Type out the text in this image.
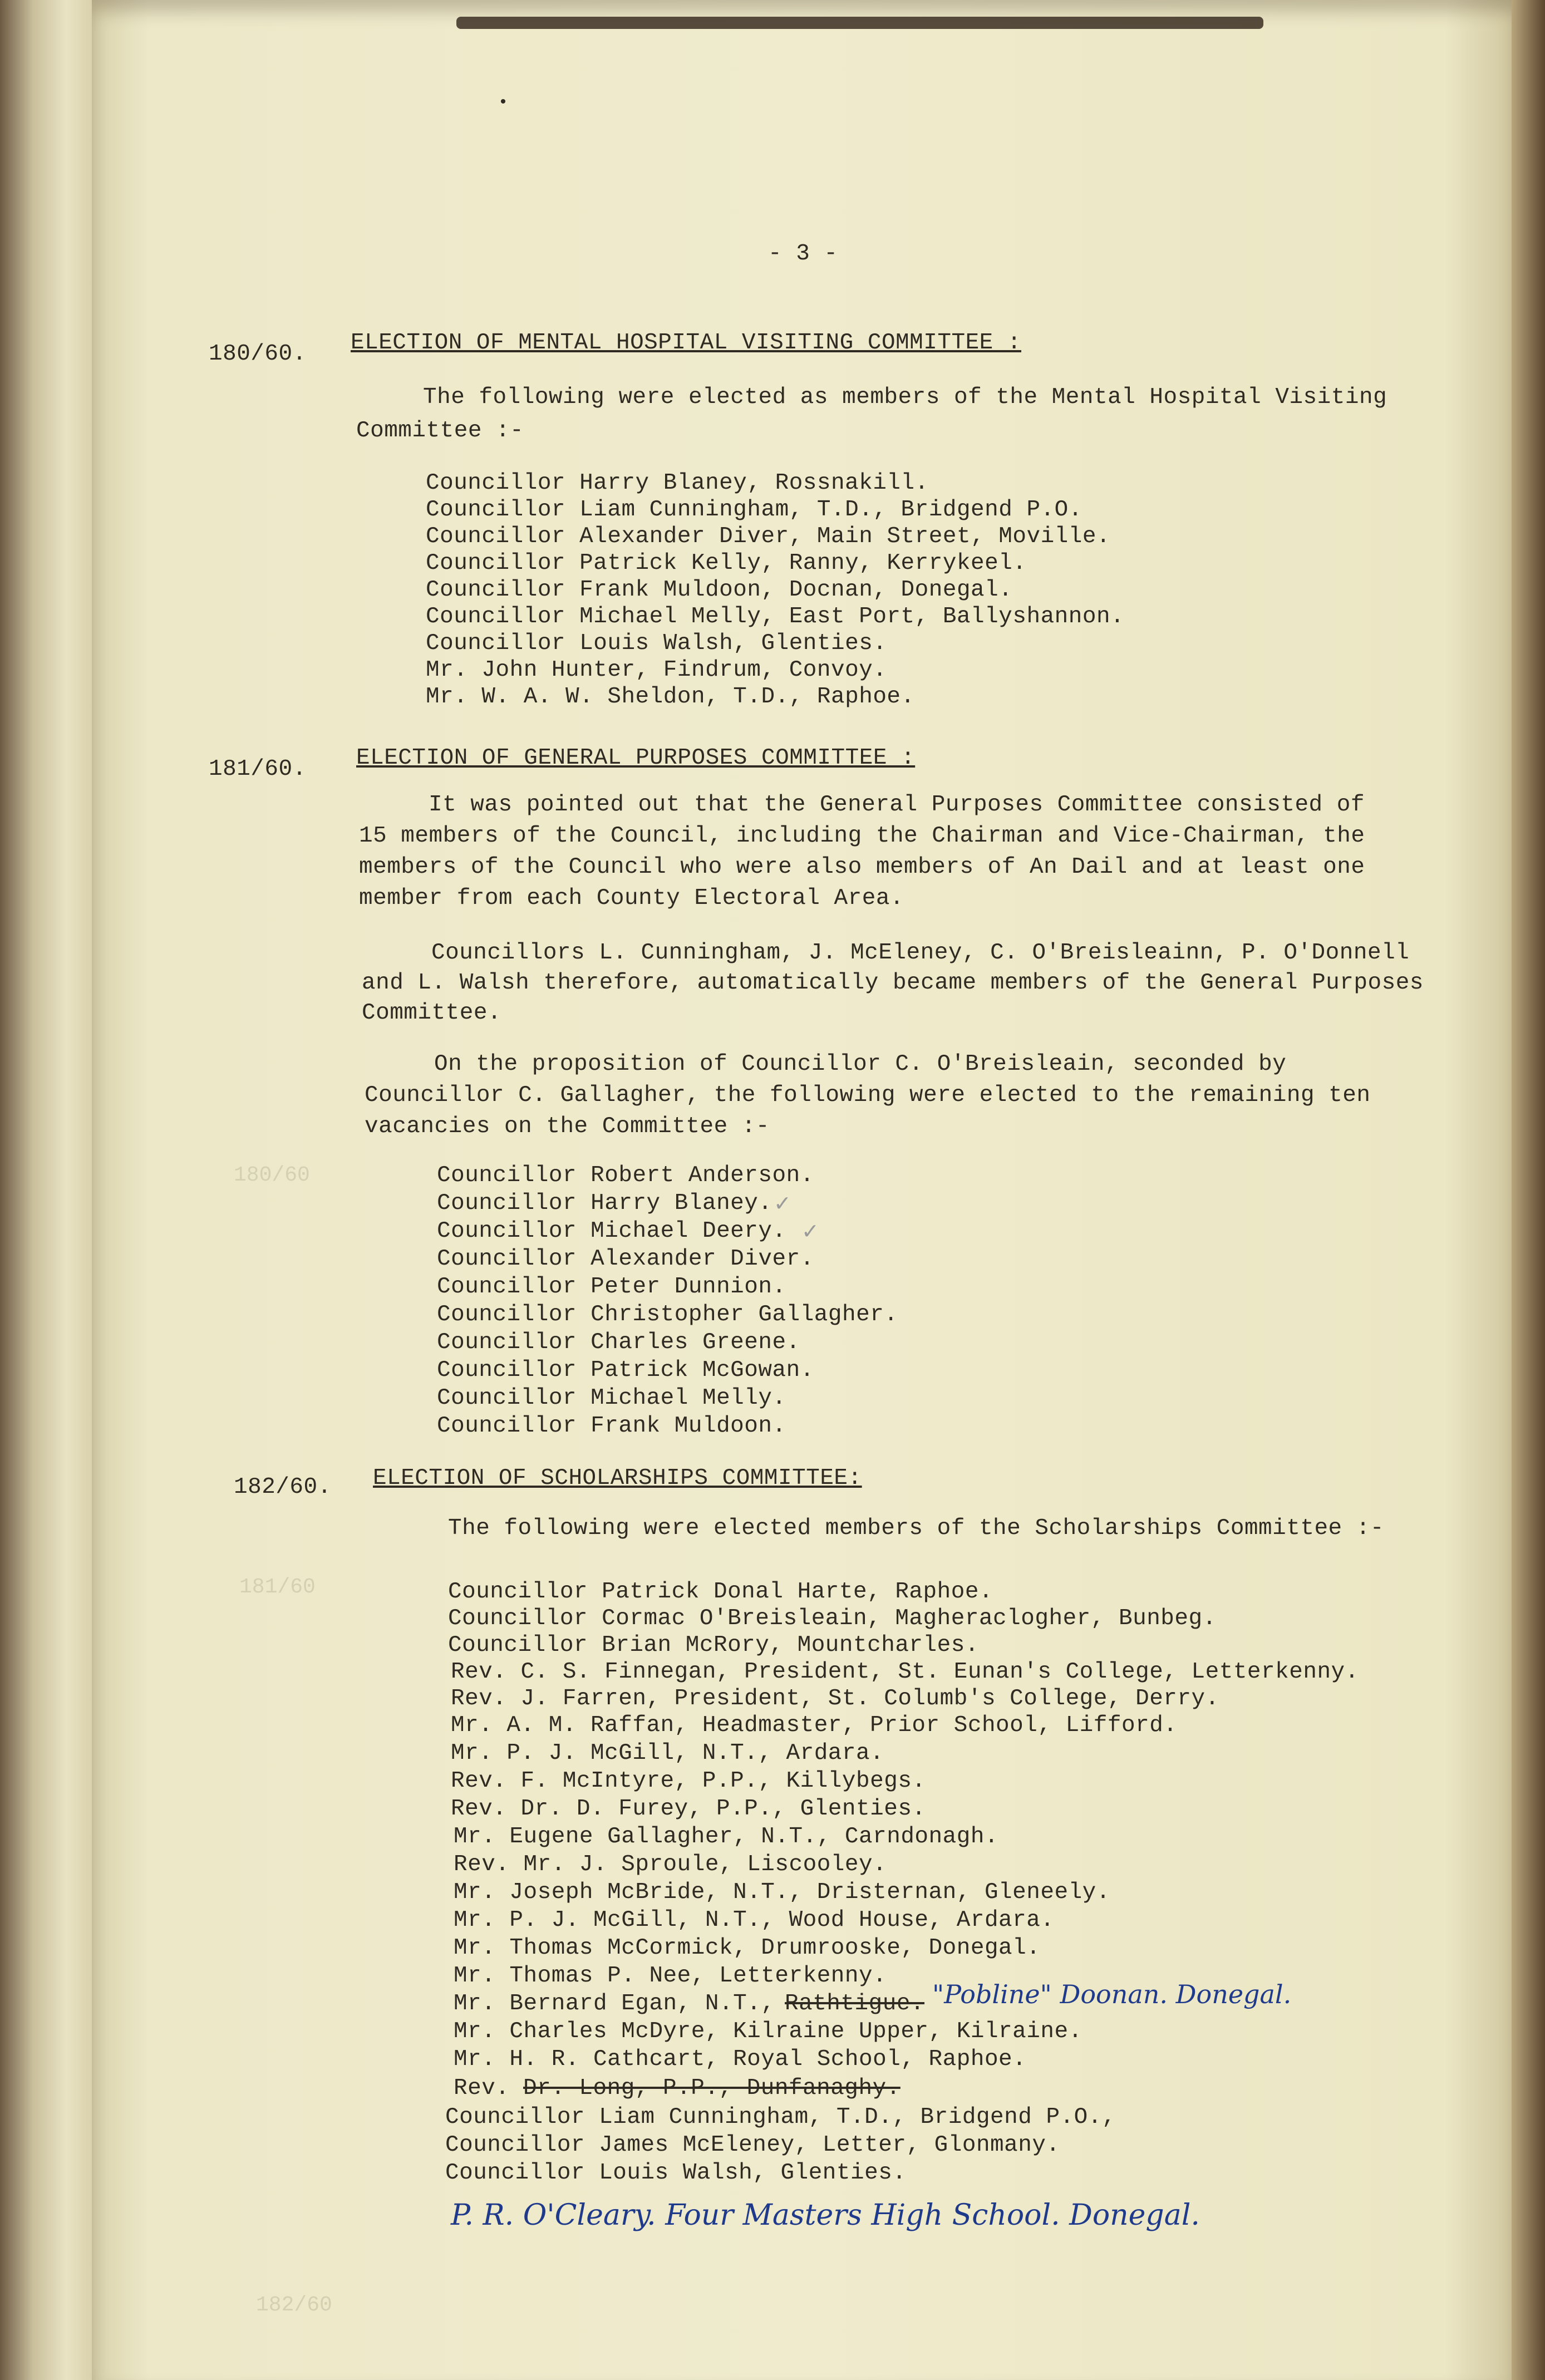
•
180/60
181/60
182/60
- 3 -
180/60. ELECTION OF MENTAL HOSPITAL VISITING COMMITTEE :
The following were elected as members of the Mental Hospital Visiting
Committee :-
Councillor Harry Blaney, Rossnakill.
Councillor Liam Cunningham, T.D., Bridgend P.O.
Councillor Alexander Diver, Main Street, Moville.
Councillor Patrick Kelly, Ranny, Kerrykeel.
Councillor Frank Muldoon, Docnan, Donegal.
Councillor Michael Melly, East Port, Ballyshannon.
Councillor Louis Walsh, Glenties.
Mr. John Hunter, Findrum, Convoy.
Mr. W. A. W. Sheldon, T.D., Raphoe.
181/60. ELECTION OF GENERAL PURPOSES COMMITTEE :
It was pointed out that the General Purposes Committee consisted of
15 members of the Council, including the Chairman and Vice-Chairman, the
members of the Council who were also members of An Dail and at least one
member from each County Electoral Area.
Councillors L. Cunningham, J. McEleney, C. O'Breisleainn, P. O'Donnell
and L. Walsh therefore, automatically became members of the General Purposes
Committee.
On the proposition of Councillor C. O'Breisleain, seconded by
Councillor C. Gallagher, the following were elected to the remaining ten
vacancies on the Committee :-
Councillor Robert Anderson.
Councillor Harry Blaney.
Councillor Michael Deery.
Councillor Alexander Diver.
Councillor Peter Dunnion.
Councillor Christopher Gallagher.
Councillor Charles Greene.
Councillor Patrick McGowan.
Councillor Michael Melly.
Councillor Frank Muldoon.
✓
✓
182/60. ELECTION OF SCHOLARSHIPS COMMITTEE:
The following were elected members of the Scholarships Committee :-
Councillor Patrick Donal Harte, Raphoe.
Councillor Cormac O'Breisleain, Magheraclogher, Bunbeg.
Councillor Brian McRory, Mountcharles.
Rev. C. S. Finnegan, President, St. Eunan's College, Letterkenny.
Rev. J. Farren, President, St. Columb's College, Derry.
Mr. A. M. Raffan, Headmaster, Prior School, Lifford.
Mr. P. J. McGill, N.T., Ardara.
Rev. F. McIntyre, P.P., Killybegs.
Rev. Dr. D. Furey, P.P., Glenties.
Mr. Eugene Gallagher, N.T., Carndonagh.
Rev. Mr. J. Sproule, Liscooley.
Mr. Joseph McBride, N.T., Dristernan, Gleneely.
Mr. P. J. McGill, N.T., Wood House, Ardara.
Mr. Thomas McCormick, Drumrooske, Donegal.
Mr. Thomas P. Nee, Letterkenny.
Mr. Bernard Egan, N.T., Rathtigue. "Pobline" Doonan. Donegal.
Mr. Charles McDyre, Kilraine Upper, Kilraine.
Mr. H. R. Cathcart, Royal School, Raphoe.
Rev. Dr. Long, P.P., Dunfanaghy.
Councillor Liam Cunningham, T.D., Bridgend P.O.,
Councillor James McEleney, Letter, Glonmany.
Councillor Louis Walsh, Glenties.
P. R. O'Cleary. Four Masters High School. Donegal.
